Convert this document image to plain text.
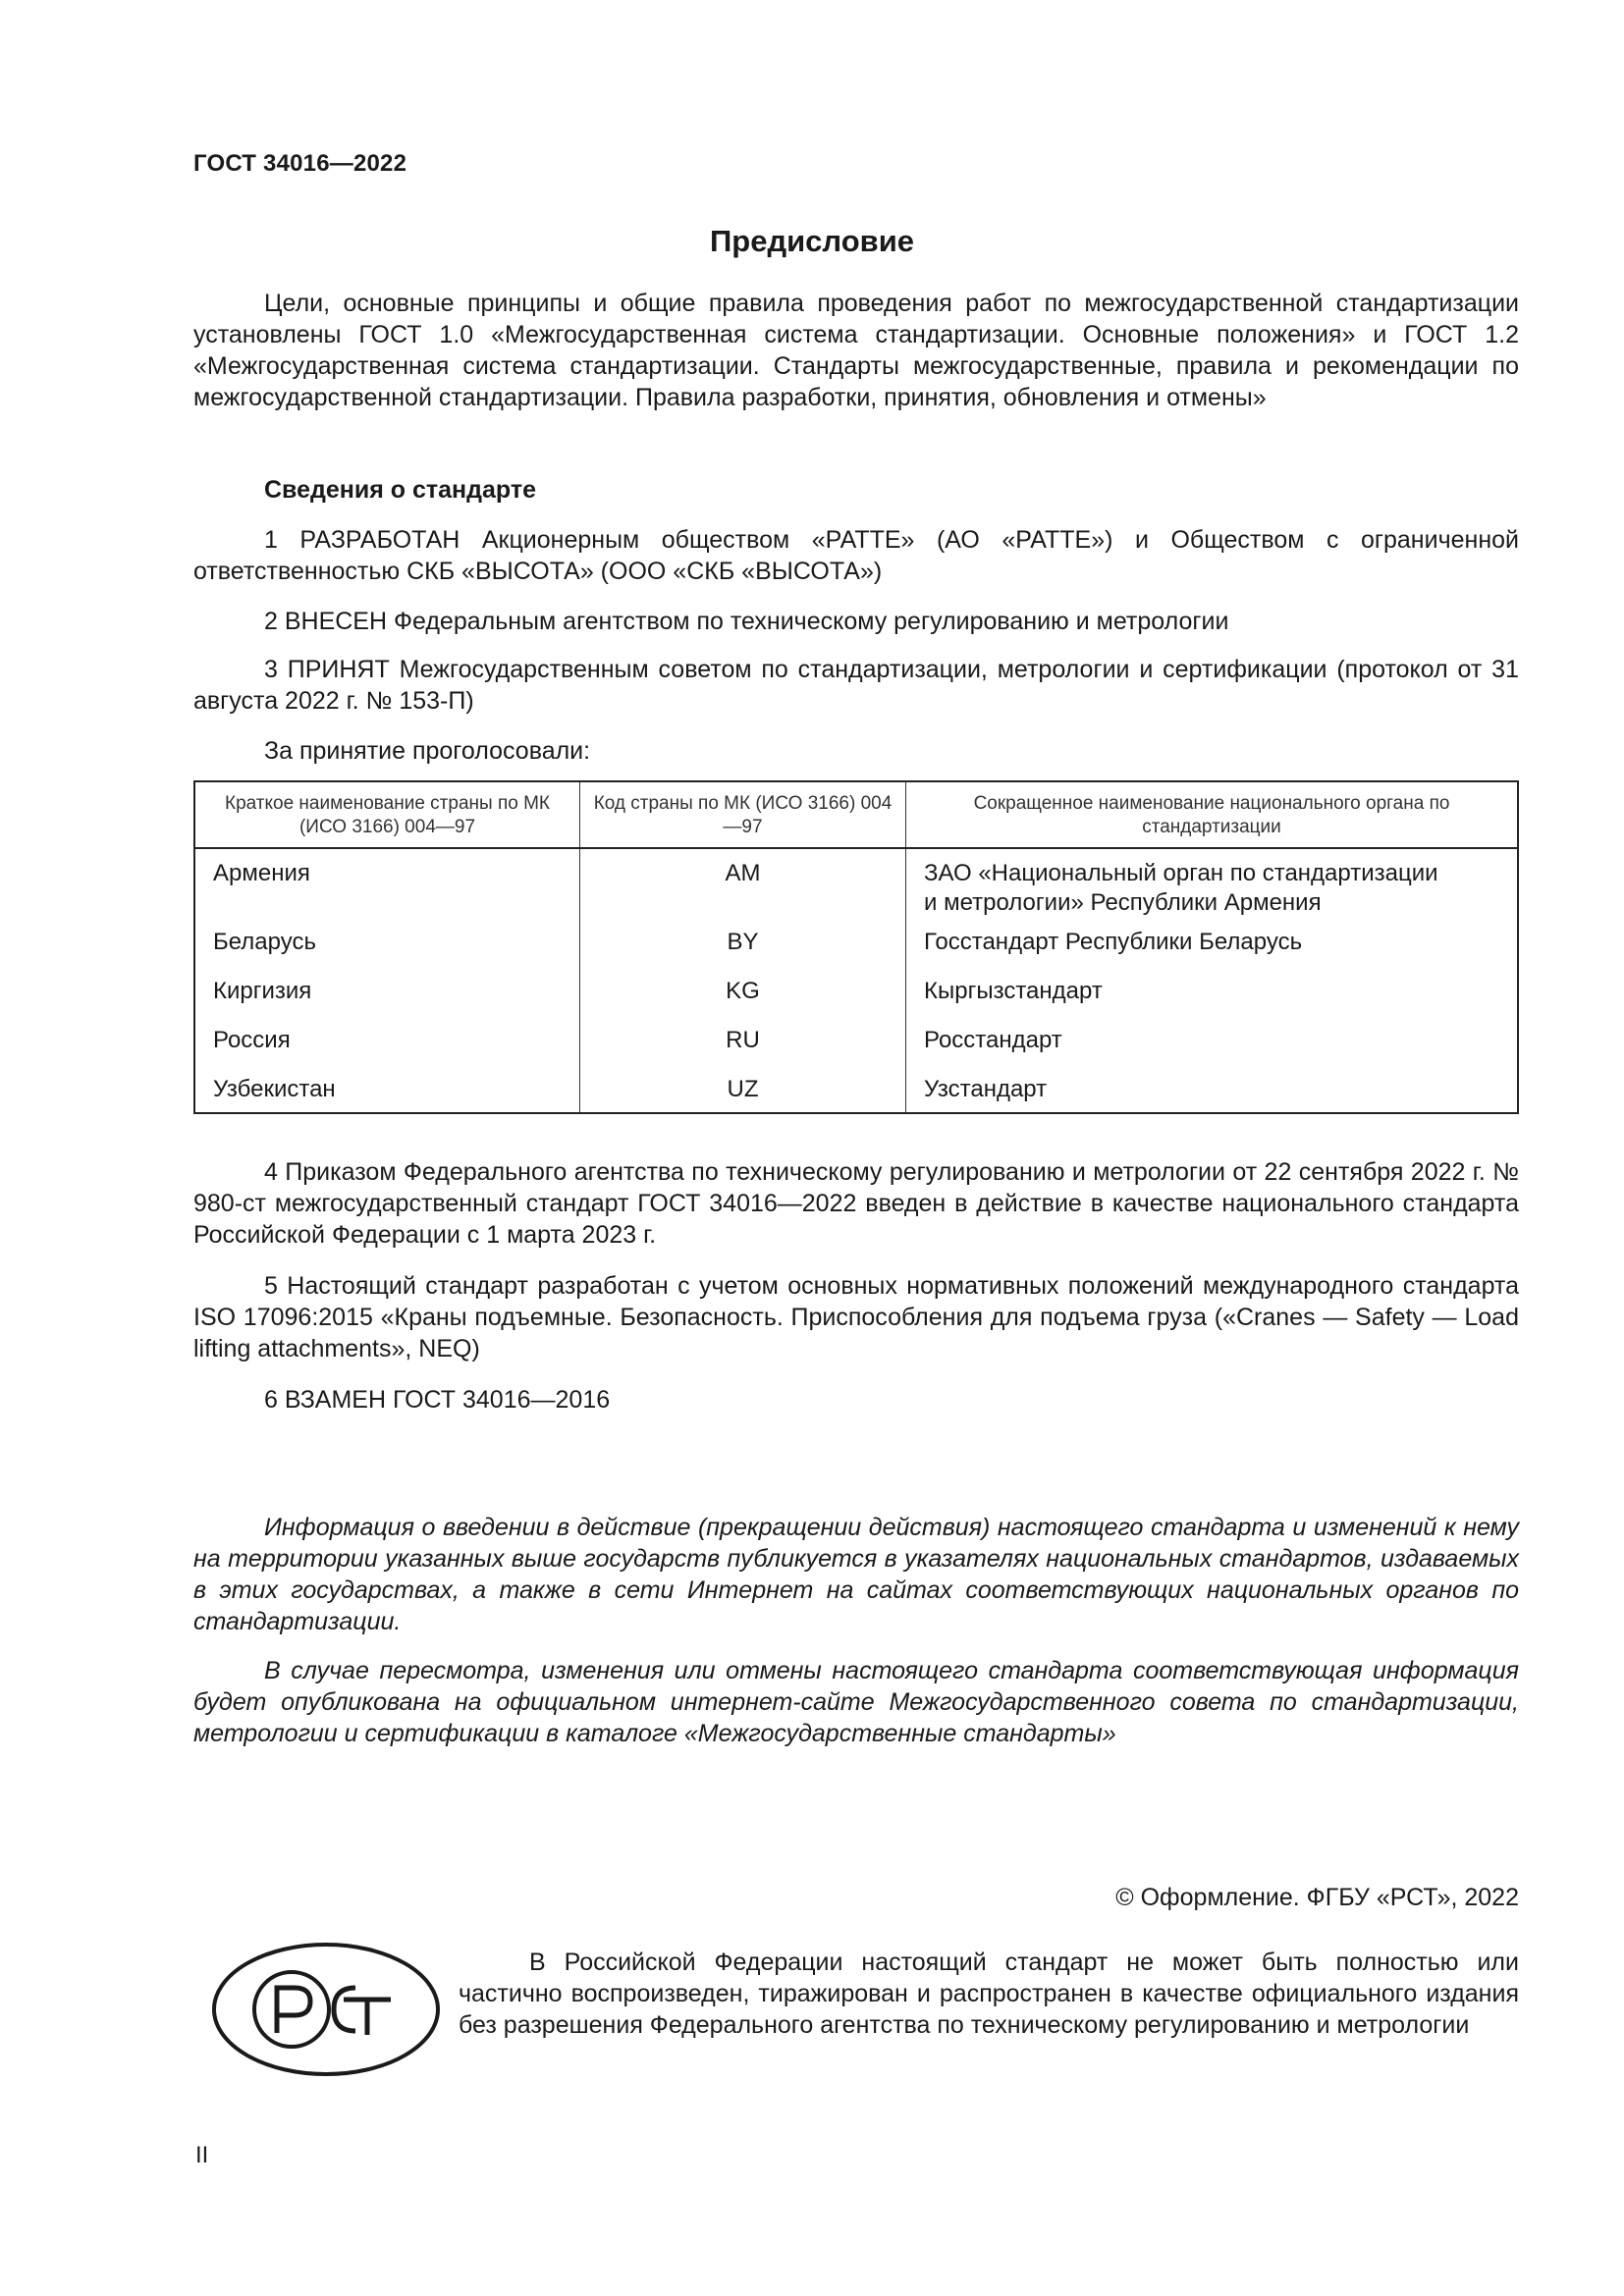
ГОСТ 34016—2022
Предисловие

Цели, основные принципы и общие правила проведения работ по межгосударственной стандартизации установлены ГОСТ 1.0 «Межгосударственная система стандартизации. Основные положения» и ГОСТ 1.2 «Межгосударственная система стандартизации. Стандарты межгосударственные, правила и рекомендации по межгосударственной стандартизации. Правила разработки, принятия, обновления и отмены»

Сведения о стандарте

1 РАЗРАБОТАН Акционерным обществом «РАТТЕ» (АО «РАТТЕ») и Обществом с ограниченной ответственностью СКБ «ВЫСОТА» (ООО «СКБ «ВЫСОТА»)

2 ВНЕСЕН Федеральным агентством по техническому регулированию и метрологии

3 ПРИНЯТ Межгосударственным советом по стандартизации, метрологии и сертификации (протокол от 31 августа 2022 г. № 153-П)

За принятие проголосовали:
Краткое наименование страны по МК (ИСО 3166) 004—97	Код страны по МК (ИСО 3166) 004—97	Сокращенное наименование национального органа по стандартизации
Армения	AM	ЗАО «Национальный орган по стандартизации
и метрологии» Республики Армения

Беларусь	BY	Госстандарт Республики Беларусь
Киргизия	KG	Кыргызстандарт
Россия	RU	Росстандарт
Узбекистан	UZ	Узстандарт

4 Приказом Федерального агентства по техническому регулированию и метрологии от 22 сентября 2022 г. № 980-ст межгосударственный стандарт ГОСТ 34016—2022 введен в действие в качестве национального стандарта Российской Федерации с 1 марта 2023 г.

5 Настоящий стандарт разработан с учетом основных нормативных положений международного стандарта ISO 17096:2015 «Краны подъемные. Безопасность. Приспособления для подъема груза («Cranes — Safety — Load lifting attachments», NEQ)

6 ВЗАМЕН ГОСТ 34016—2016

Информация о введении в действие (прекращении действия) настоящего стандарта и изменений к нему на территории указанных выше государств публикуется в указателях национальных стандартов, издаваемых в этих государствах, а также в сети Интернет на сайтах соответствующих национальных органов по стандартизации.

В случае пересмотра, изменения или отмены настоящего стандарта соответствующая информация будет опубликована на официальном интернет-сайте Межгосударственного совета по стандартизации, метрологии и сертификации в каталоге «Межгосударственные стандарты»

© Оформление. ФГБУ «РСТ», 2022

В Российской Федерации настоящий стандарт не может быть полностью или частично воспроизведен, тиражирован и распространен в качестве официального издания без разрешения Федерального агентства по техническому регулированию и метрологии

II
